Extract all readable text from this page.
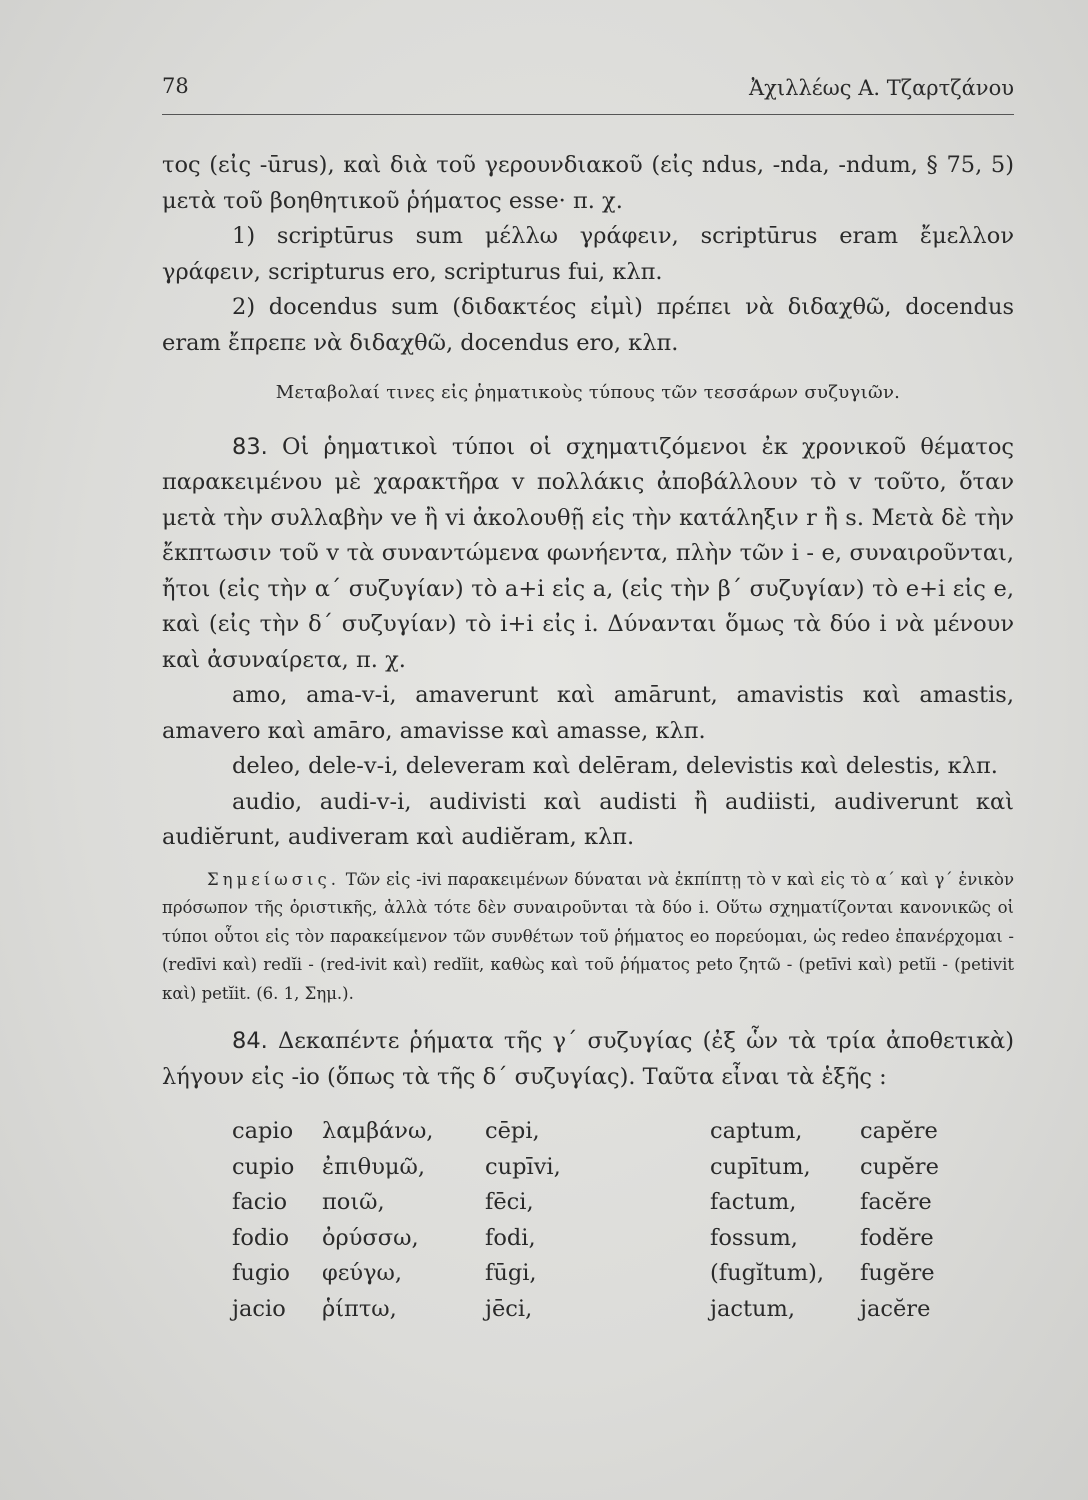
78	Ἀχιλλέως Α. Τζαρτζάνου

τος (εἰς -ūrus), καὶ διὰ τοῦ γερουνδιακοῦ (εἰς ndus, -nda, -ndum, § 75, 5) μετὰ τοῦ βοηθητικοῦ ῥήματος esse· π. χ.

1) scriptūrus sum μέλλω γράφειν, scriptūrus eram ἔμελλον γράφειν, scripturus ero, scripturus fui, κλπ.

2) docendus sum (διδακτέος εἰμὶ) πρέπει νὰ διδαχθῶ, docendus eram ἔπρεπε νὰ διδαχθῶ, docendus ero, κλπ.

Μεταβολαί τινες εἰς ῥηματικοὺς τύπους τῶν τεσσάρων συζυγιῶν.

83. Οἱ ῥηματικοὶ τύποι οἱ σχηματιζόμενοι ἐκ χρονικοῦ θέματος παρακειμένου μὲ χαρακτῆρα v πολλάκις ἀποβάλλουν τὸ v τοῦτο, ὅταν μετὰ τὴν συλλαβὴν ve ἢ vi ἀκολουθῇ εἰς τὴν κατάληξιν r ἢ s. Μετὰ δὲ τὴν ἔκπτωσιν τοῦ v τὰ συναντώμενα φωνήεντα, πλὴν τῶν i - e, συναιροῦνται, ἤτοι (εἰς τὴν α΄ συζυγίαν) τὸ a+i εἰς a, (εἰς τὴν β΄ συζυγίαν) τὸ e+i εἰς e, καὶ (εἰς τὴν δ΄ συζυγίαν) τὸ i+i εἰς i. Δύνανται ὅμως τὰ δύο i νὰ μένουν καὶ ἀσυναίρετα, π. χ.

amo, ama-v-i, amaverunt καὶ amārunt, amavistis καὶ amastis, amavero καὶ amāro, amavisse καὶ amasse, κλπ.

deleo, dele-v-i, deleveram καὶ delēram, delevistis καὶ delestis, κλπ.

audio, audi-v-i, audivisti καὶ audisti ἢ audiisti, audiverunt καὶ audiĕrunt, audiveram καὶ audiĕram, κλπ.

Σημείωσις. Τῶν εἰς -ivi παρακειμένων δύναται νὰ ἐκπίπτῃ τὸ v καὶ εἰς τὸ α΄ καὶ γ΄ ἑνικὸν πρόσωπον τῆς ὁριστικῆς, ἀλλὰ τότε δὲν συναιροῦνται τὰ δύο i. Οὕτω σχηματίζονται κανονικῶς οἱ τύποι οὗτοι εἰς τὸν παρακείμενον τῶν συνθέτων τοῦ ῥήματος eo πορεύομαι, ὡς redeo ἐπανέρχομαι - (redīvi καὶ) redĭi - (red-ivit καὶ) redĭit, καθὼς καὶ τοῦ ῥήματος peto ζητῶ - (petīvi καὶ) petĭi - (petivit καὶ) petĭit. (6. 1, Σημ.).

84. Δεκαπέντε ῥήματα τῆς γ΄ συζυγίας (ἐξ ὧν τὰ τρία ἀποθετικὰ) λήγουν εἰς -io (ὅπως τὰ τῆς δ΄ συζυγίας). Ταῦτα εἶναι τὰ ἑξῆς :

capio	λαμβάνω,	cēpi,	captum,	capĕre
cupio	ἐπιθυμῶ,	cupīvi,	cupītum,	cupĕre
facio	ποιῶ,	fēci,	factum,	facĕre
fodio	ὀρύσσω,	fodi,	fossum,	fodĕre
fugio	φεύγω,	fūgi,	(fugĭtum),	fugĕre
jacio	ῥίπτω,	jēci,	jactum,	jacĕre
